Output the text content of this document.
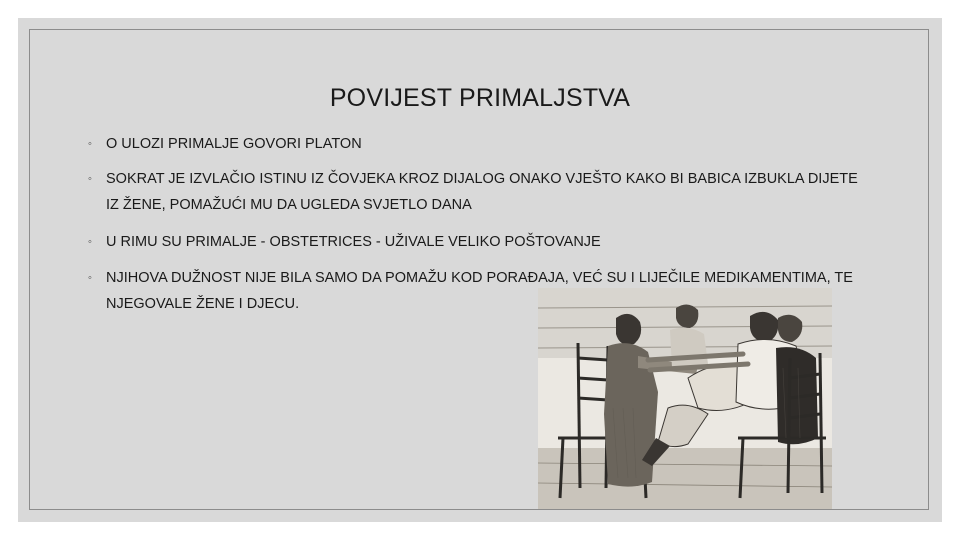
POVIJEST PRIMALJSTVA
◦ O ULOZI PRIMALJE GOVORI PLATON
◦ SOKRAT JE IZVLAČIO ISTINU IZ ČOVJEKA KROZ DIJALOG ONAKO VJEŠTO KAKO BI BABICA IZBUKLA DIJETE IZ ŽENE, POMAŽUĆI MU DA UGLEDA SVJETLO DANA
◦ U RIMU SU PRIMALJE - OBSTETRICES - UŽIVALE VELIKO POŠTOVANJE
◦ NJIHOVA DUŽNOST NIJE BILA SAMO DA POMAŽU KOD PORAĐAJA, VEĆ SU I LIJEČILE MEDIKAMENTIMA, TE NJEGOVALE ŽENE I DJECU.
